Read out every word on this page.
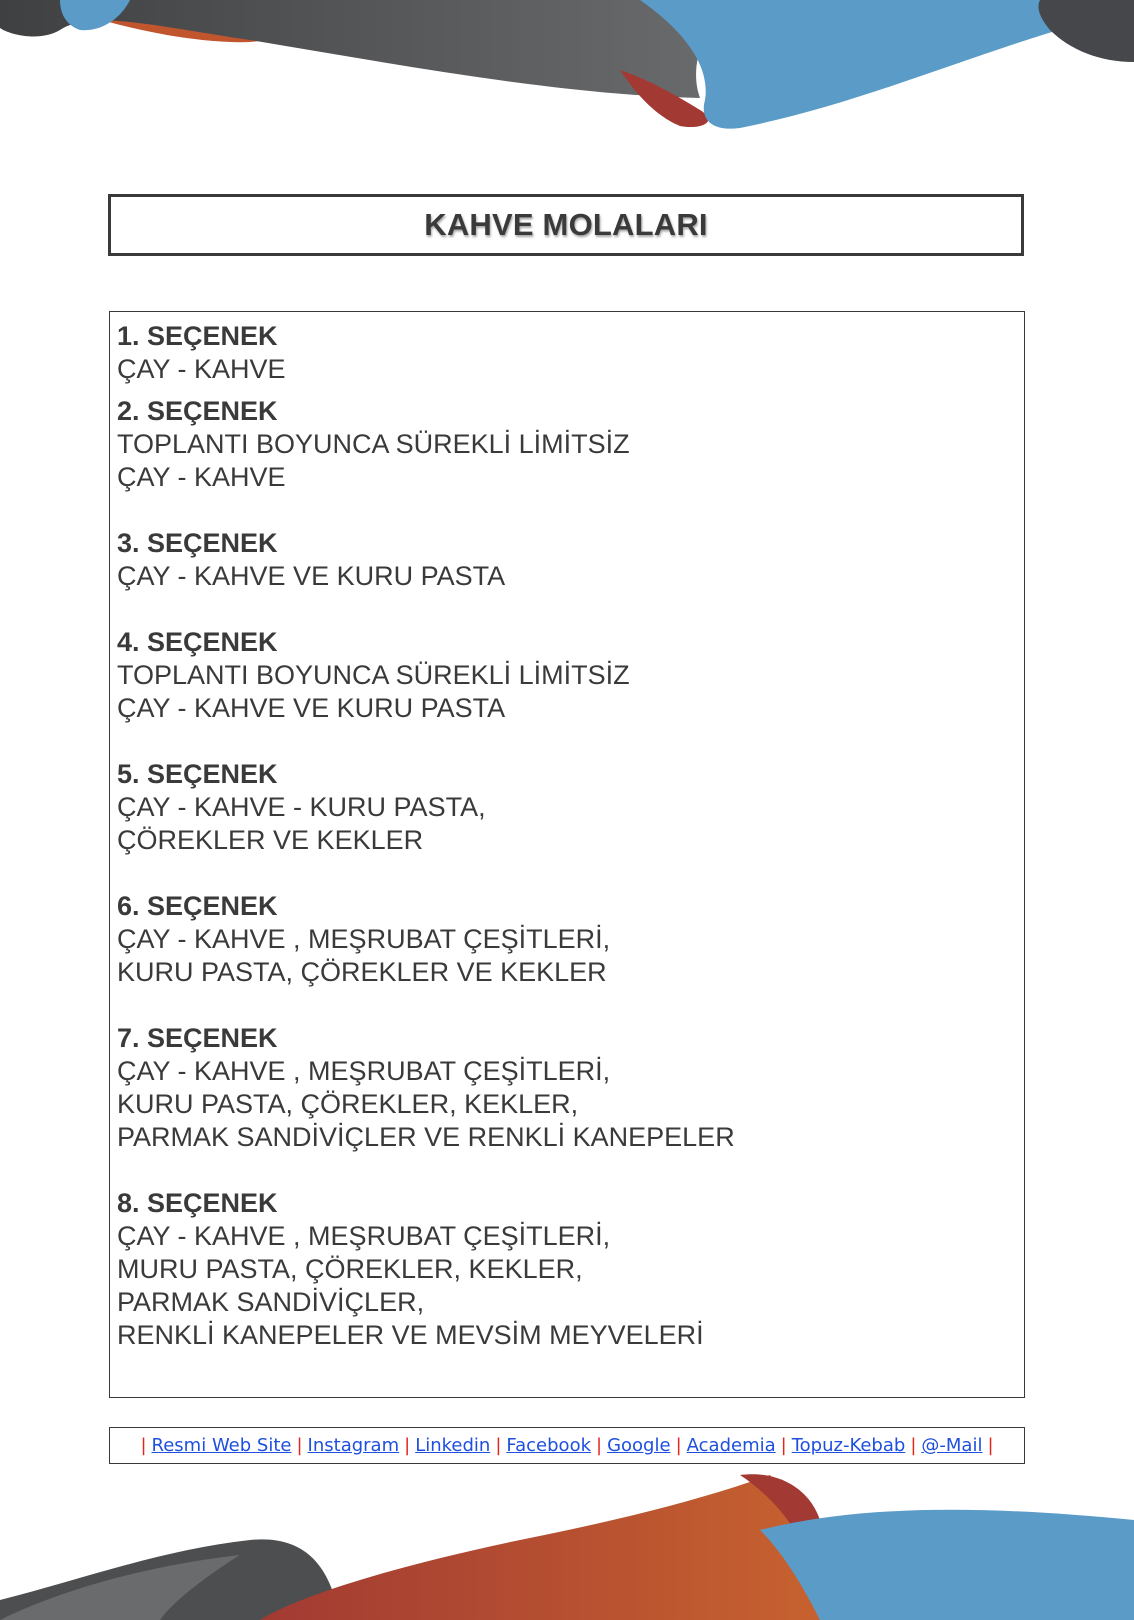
KAHVE MOLALARI
1. SEÇENEK
ÇAY - KAHVE
2. SEÇENEK
TOPLANTI BOYUNCA SÜREKLİ LİMİTSİZ
ÇAY - KAHVE
3. SEÇENEK
ÇAY - KAHVE VE KURU PASTA
4. SEÇENEK
TOPLANTI BOYUNCA SÜREKLİ LİMİTSİZ
ÇAY - KAHVE VE KURU PASTA
5. SEÇENEK
ÇAY - KAHVE - KURU PASTA,
ÇÖREKLER VE KEKLER
6. SEÇENEK
ÇAY - KAHVE , MEŞRUBAT ÇEŞİTLERİ,
KURU PASTA, ÇÖREKLER VE KEKLER
7. SEÇENEK
ÇAY - KAHVE , MEŞRUBAT ÇEŞİTLERİ,
KURU PASTA, ÇÖREKLER, KEKLER,
PARMAK SANDİVİÇLER VE RENKLİ KANEPELER
8. SEÇENEK
ÇAY - KAHVE , MEŞRUBAT ÇEŞİTLERİ,
MURU PASTA, ÇÖREKLER, KEKLER,
PARMAK SANDİVİÇLER,
RENKLİ KANEPELER VE MEVSİM MEYVELERİ
| Resmi Web Site | Instagram | Linkedin | Facebook | Google | Academia | Topuz-Kebab | @-Mail |
